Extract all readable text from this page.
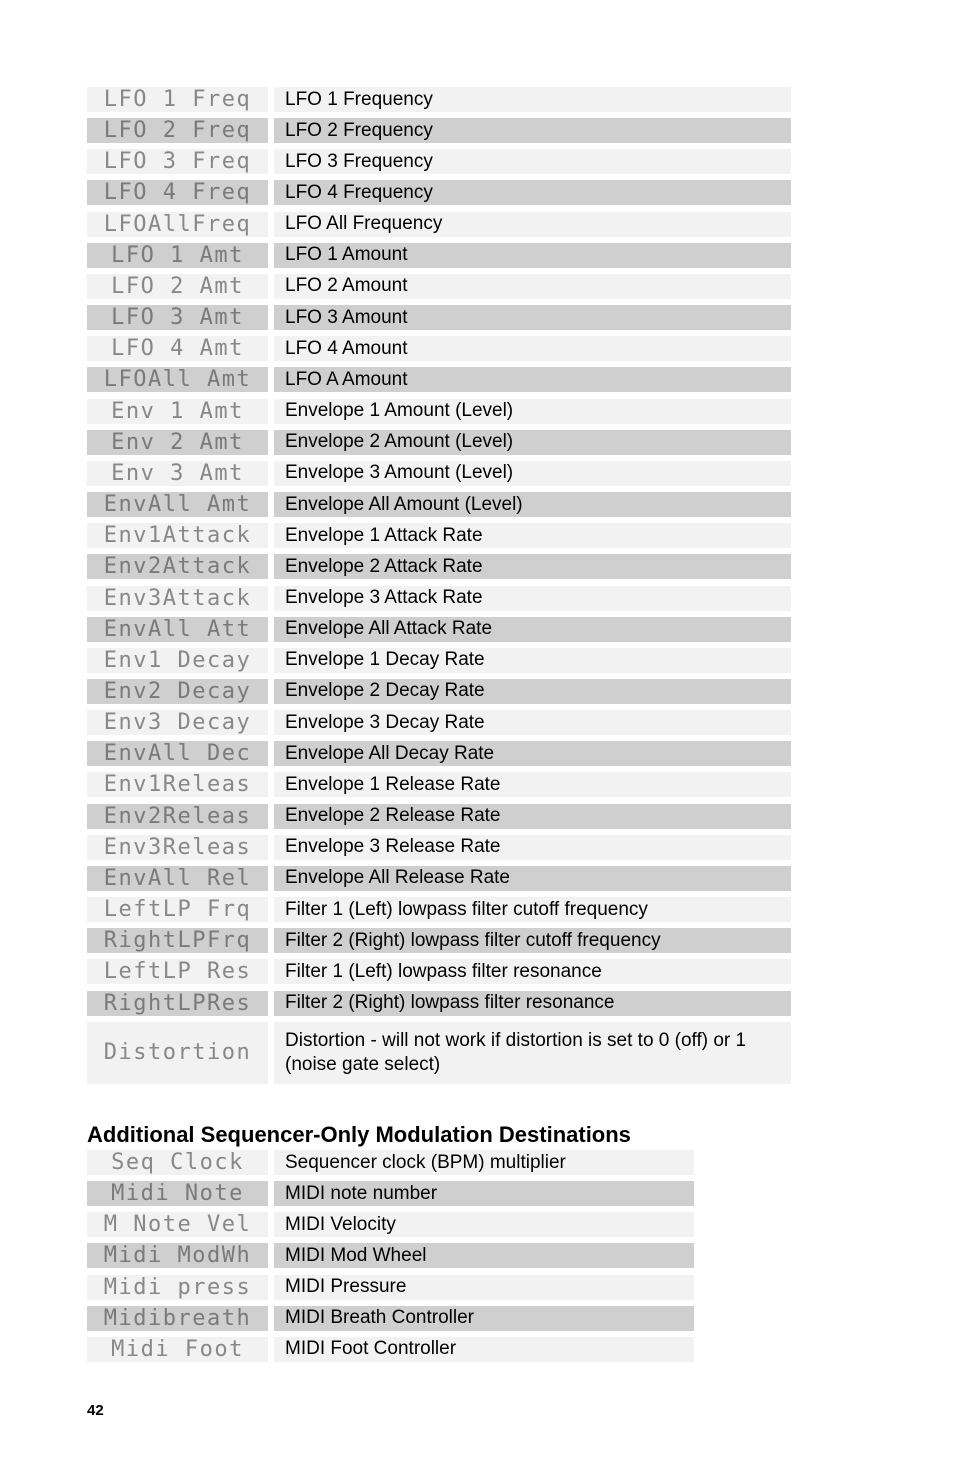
LFO 1 Freq	LFO 1 Frequency
LFO 2 Freq	LFO 2 Frequency
LFO 3 Freq	LFO 3 Frequency
LFO 4 Freq	LFO 4 Frequency
LFOAllFreq	LFO All Frequency
LFO 1 Amt	LFO 1 Amount
LFO 2 Amt	LFO 2 Amount
LFO 3 Amt	LFO 3 Amount
LFO 4 Amt	LFO 4 Amount
LFOAll Amt	LFO A Amount
Env 1 Amt	Envelope 1 Amount (Level)
Env 2 Amt	Envelope 2 Amount (Level)
Env 3 Amt	Envelope 3 Amount (Level)
EnvAll Amt	Envelope All Amount (Level)
Env1Attack	Envelope 1 Attack Rate
Env2Attack	Envelope 2 Attack Rate
Env3Attack	Envelope 3 Attack Rate
EnvAll Att	Envelope All Attack Rate
Env1 Decay	Envelope 1 Decay Rate
Env2 Decay	Envelope 2 Decay Rate
Env3 Decay	Envelope 3 Decay Rate
EnvAll Dec	Envelope All Decay Rate
Env1Releas	Envelope 1 Release Rate
Env2Releas	Envelope 2 Release Rate
Env3Releas	Envelope 3 Release Rate
EnvAll Rel	Envelope All Release Rate
LeftLP Frq	Filter 1 (Left) lowpass filter cutoff frequency
RightLPFrq	Filter 2 (Right) lowpass filter cutoff frequency
LeftLP Res	Filter 1 (Left) lowpass filter resonance
RightLPRes	Filter 2 (Right) lowpass filter resonance
Distortion	Distortion - will not work if distortion is set to 0 (off) or 1 (noise gate select)
Additional Sequencer-Only Modulation Destinations
Seq Clock	Sequencer clock (BPM) multiplier
Midi Note	MIDI note number
M Note Vel	MIDI Velocity
Midi ModWh	MIDI Mod Wheel
Midi press	MIDI Pressure
Midibreath	MIDI Breath Controller
Midi Foot	MIDI Foot Controller
42
